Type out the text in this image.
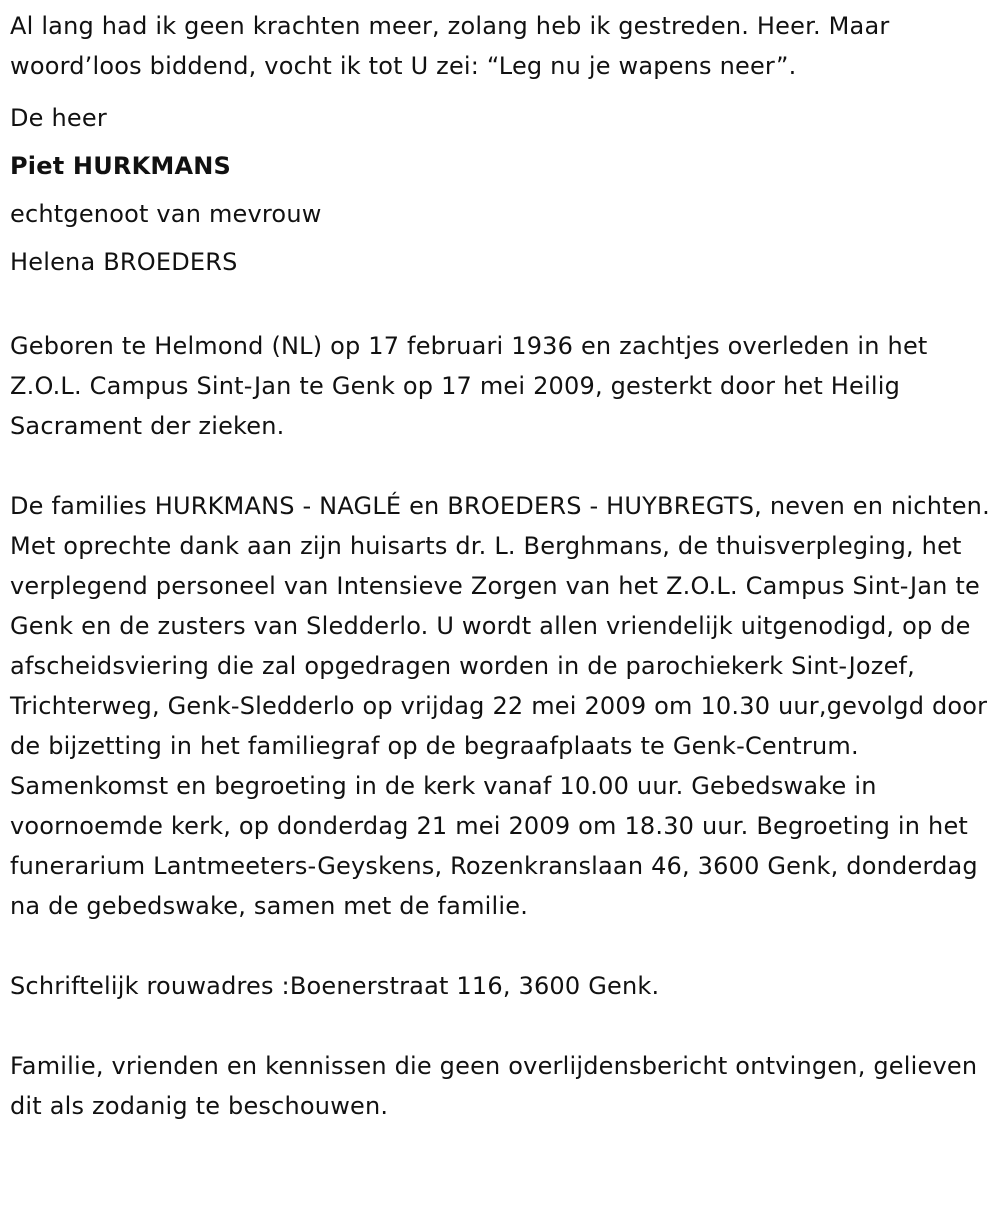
Al lang had ik geen krachten meer, zolang heb ik gestreden. Heer. Maar woord’loos biddend, vocht ik tot U zei: “Leg nu je wapens neer”.

De heer

Piet HURKMANS

echtgenoot van mevrouw

Helena BROEDERS

Geboren te Helmond (NL) op 17 februari 1936 en zachtjes overleden in het Z.O.L. Campus Sint-Jan te Genk op 17 mei 2009, gesterkt door het Heilig Sacrament der zieken.

De families HURKMANS - NAGLÉ en BROEDERS - HUYBREGTS, neven en nichten. Met oprechte dank aan zijn huisarts dr. L. Berghmans, de thuisverpleging, het verplegend personeel van Intensieve Zorgen van het Z.O.L. Campus Sint-Jan te Genk en de zusters van Sledderlo. U wordt allen vriendelijk uitgenodigd, op de afscheidsviering die zal opgedragen worden in de parochiekerk Sint-Jozef, Trichterweg, Genk-Sledderlo op vrijdag 22 mei 2009 om 10.30 uur,gevolgd door de bijzetting in het familiegraf op de begraafplaats te Genk-Centrum. Samenkomst en begroeting in de kerk vanaf 10.00 uur. Gebedswake in voornoemde kerk, op donderdag 21 mei 2009 om 18.30 uur. Begroeting in het funerarium Lantmeeters-Geyskens, Rozenkranslaan 46, 3600 Genk, donderdag na de gebedswake, samen met de familie.

Schriftelijk rouwadres :Boenerstraat 116, 3600 Genk.

Familie, vrienden en kennissen die geen overlijdensbericht ontvingen, gelieven dit als zodanig te beschouwen.
